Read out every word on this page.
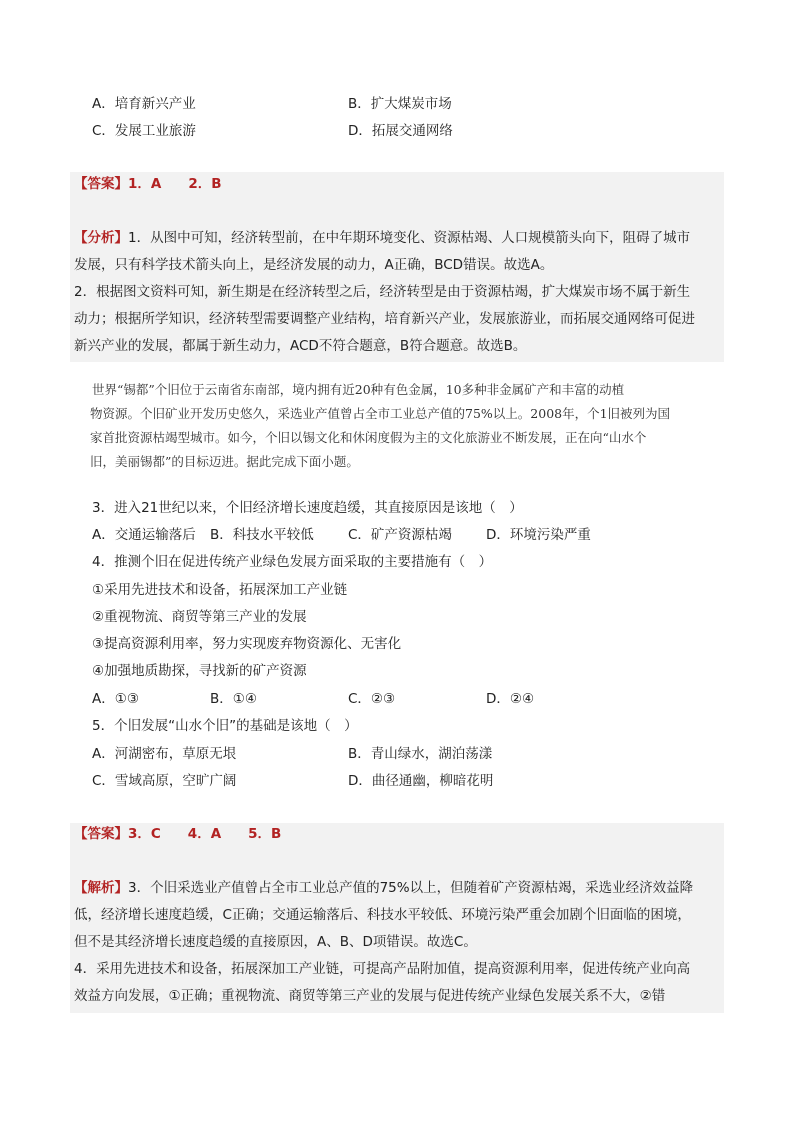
A．培育新兴产业	B．扩大煤炭市场
C．发展工业旅游	D．拓展交通网络
【答案】1．A　　2．B
【分析】1．从图中可知，经济转型前，在中年期环境变化、资源枯竭、人口规模箭头向下，阻碍了城市
发展，只有科学技术箭头向上，是经济发展的动力，A正确，BCD错误。故选A。
2．根据图文资料可知，新生期是在经济转型之后，经济转型是由于资源枯竭，扩大煤炭市场不属于新生
动力；根据所学知识，经济转型需要调整产业结构，培育新兴产业，发展旅游业，而拓展交通网络可促进
新兴产业的发展，都属于新生动力，ACD不符合题意，B符合题意。故选B。
世界“锡都”个旧位于云南省东南部，境内拥有近20种有色金属，10多种非金属矿产和丰富的动植
物资源。个旧矿业开发历史悠久，采选业产值曾占全市工业总产值的75%以上。2008年，个1旧被列为国
家首批资源枯竭型城市。如今，个旧以锡文化和休闲度假为主的文化旅游业不断发展，正在向“山水个
旧，美丽锡都”的目标迈进。据此完成下面小题。
3．进入21世纪以来，个旧经济增长速度趋缓，其直接原因是该地（　）
A．交通运输落后 B．科技水平较低	C．矿产资源枯竭	D．环境污染严重
4．推测个旧在促进传统产业绿色发展方面采取的主要措施有（　）
①采用先进技术和设备，拓展深加工产业链
②重视物流、商贸等第三产业的发展
③提高资源利用率，努力实现废弃物资源化、无害化
④加强地质勘探，寻找新的矿产资源
A．①③	B．①④	C．②③	D．②④
5．个旧发展“山水个旧”的基础是该地（　）
A．河湖密布，草原无垠	B．青山绿水，湖泊荡漾
C．雪域高原，空旷广阔	D．曲径通幽，柳暗花明
【答案】3．C　　4．A　　5．B
【解析】3．个旧采选业产值曾占全市工业总产值的75%以上，但随着矿产资源枯竭，采选业经济效益降
低，经济增长速度趋缓，C正确；交通运输落后、科技水平较低、环境污染严重会加剧个旧面临的困境，
但不是其经济增长速度趋缓的直接原因，A、B、D项错误。故选C。
4．采用先进技术和设备，拓展深加工产业链，可提高产品附加值，提高资源利用率，促进传统产业向高
效益方向发展，①正确；重视物流、商贸等第三产业的发展与促进传统产业绿色发展关系不大，②错
